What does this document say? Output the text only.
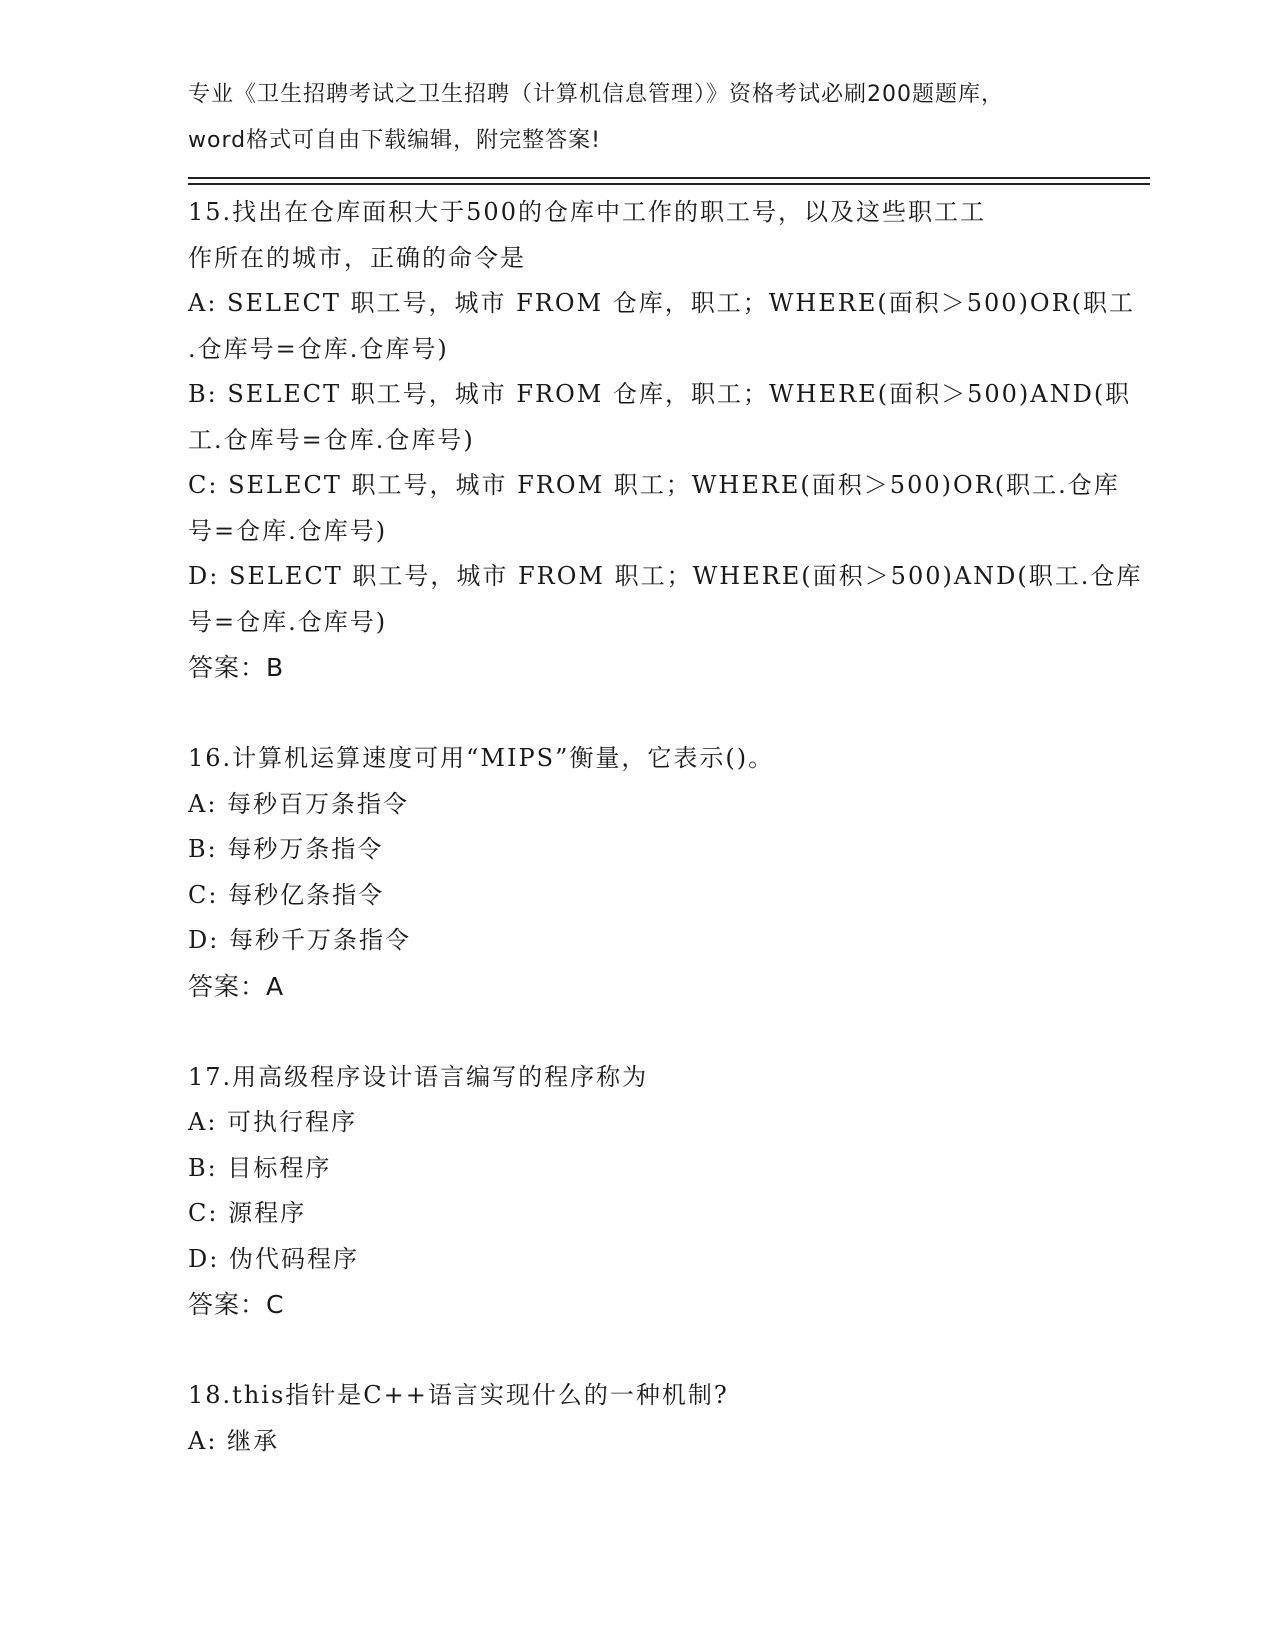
专业《卫生招聘考试之卫生招聘（计算机信息管理）》资格考试必刷200题题库，
word格式可自由下载编辑，附完整答案!
15.找出在仓库面积大于500的仓库中工作的职工号，以及这些职工工
作所在的城市，正确的命令是
A: SELECT 职工号，城市 FROM 仓库，职工；WHERE(面积＞500)OR(职工
.仓库号=仓库.仓库号)
B: SELECT 职工号，城市 FROM 仓库，职工；WHERE(面积＞500)AND(职
工.仓库号=仓库.仓库号)
C: SELECT 职工号，城市 FROM 职工；WHERE(面积＞500)OR(职工.仓库
号=仓库.仓库号)
D: SELECT 职工号，城市 FROM 职工；WHERE(面积＞500)AND(职工.仓库
号=仓库.仓库号)
答案：B
16.计算机运算速度可用“MIPS”衡量，它表示()。
A: 每秒百万条指令
B: 每秒万条指令
C: 每秒亿条指令
D: 每秒千万条指令
答案：A
17.用高级程序设计语言编写的程序称为
A: 可执行程序
B: 目标程序
C: 源程序
D: 伪代码程序
答案：C
18.this指针是C++语言实现什么的一种机制?
A: 继承
